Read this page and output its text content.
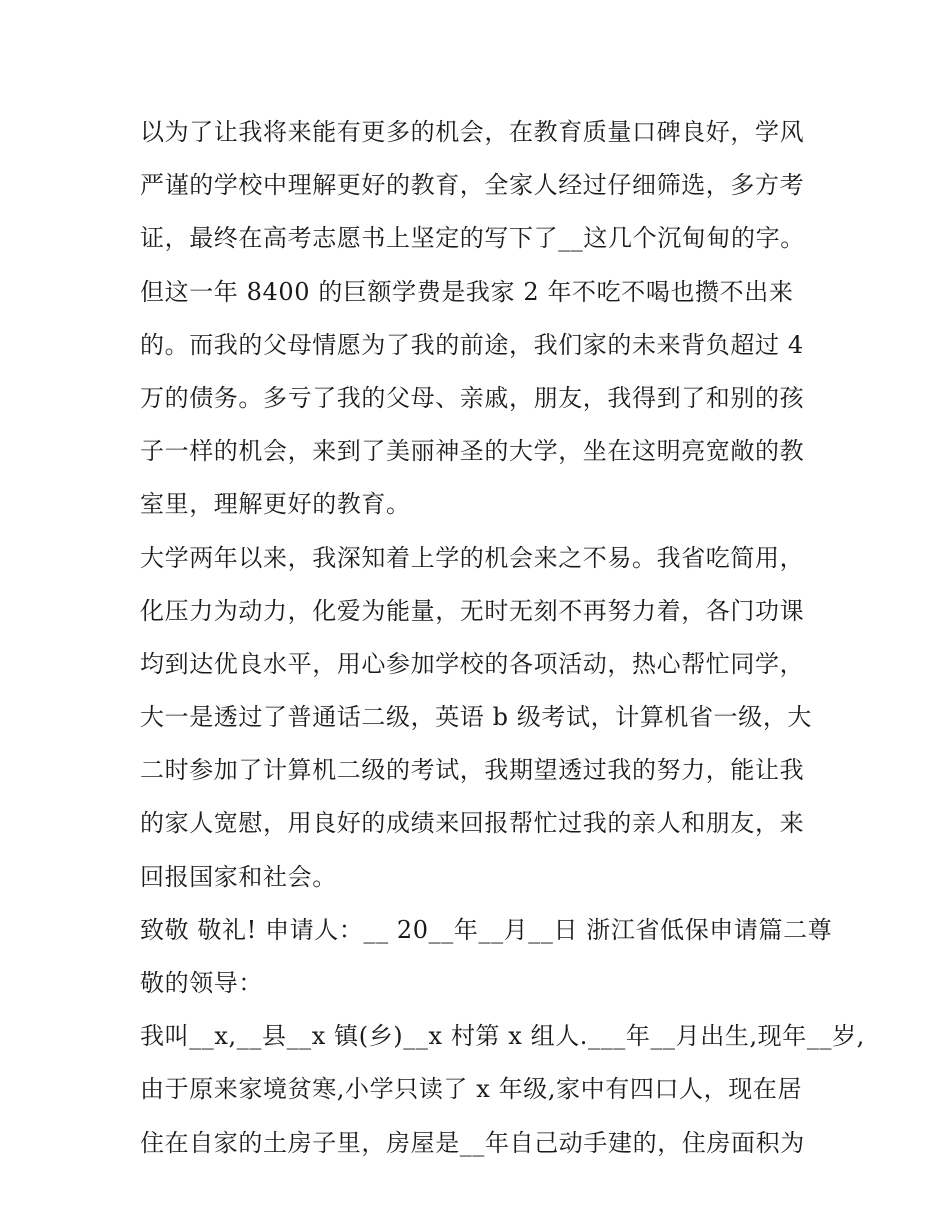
以为了让我将来能有更多的机会，在教育质量口碑良好，学风
严谨的学校中理解更好的教育，全家人经过仔细筛选，多方考
证，最终在高考志愿书上坚定的写下了__这几个沉甸甸的字。
但这一年 8400 的巨额学费是我家 2 年不吃不喝也攒不出来
的。而我的父母情愿为了我的前途，我们家的未来背负超过 4
万的债务。多亏了我的父母、亲戚，朋友，我得到了和别的孩
子一样的机会，来到了美丽神圣的大学，坐在这明亮宽敞的教
室里，理解更好的教育。
大学两年以来，我深知着上学的机会来之不易。我省吃简用，
化压力为动力，化爱为能量，无时无刻不再努力着，各门功课
均到达优良水平，用心参加学校的各项活动，热心帮忙同学，
大一是透过了普通话二级，英语 b 级考试，计算机省一级，大
二时参加了计算机二级的考试，我期望透过我的努力，能让我
的家人宽慰，用良好的成绩来回报帮忙过我的亲人和朋友，来
回报国家和社会。
致敬 敬礼! 申请人：__ 20__年__月__日 浙江省低保申请篇二尊
敬的领导：
我叫__x,__县__x 镇(乡)__x 村第 x 组人.___年__月出生,现年__岁,
由于原来家境贫寒,小学只读了 x 年级,家中有四口人，现在居
住在自家的土房子里，房屋是__年自己动手建的，住房面积为
